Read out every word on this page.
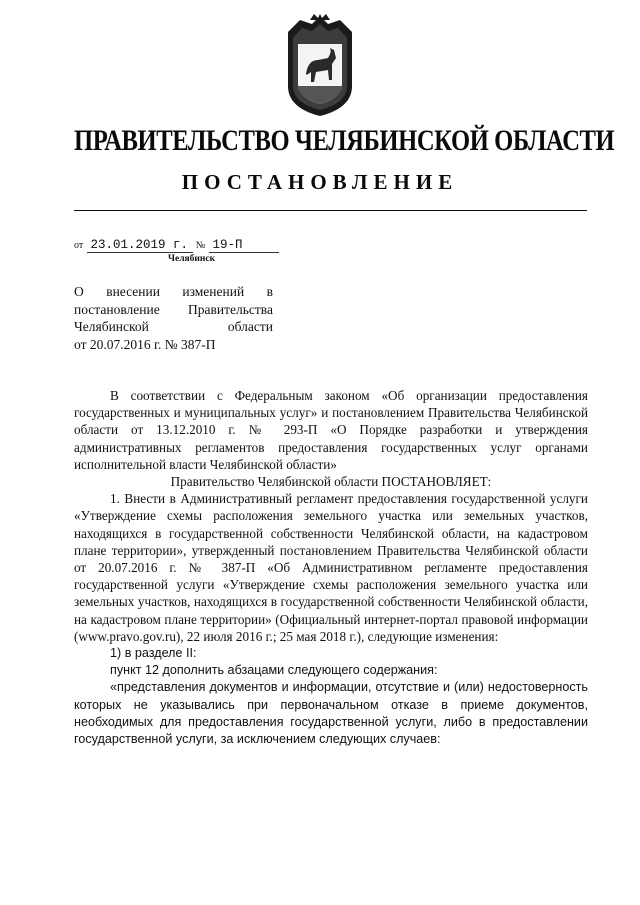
ПРАВИТЕЛЬСТВО ЧЕЛЯБИНСКОЙ ОБЛАСТИ
ПОСТАНОВЛЕНИЕ
от 23.01.2019 г. № 19-П
Челябинск
О внесении изменений в
постановление Правительства
Челябинской области
от 20.07.2016 г. № 387-П

В соответствии с Федеральным законом «Об организации предоставления государственных и муниципальных услуг» и постановлением Правительства Челябинской области от 13.12.2010 г. № 293-П «О Порядке разработки и утверждения административных регламентов предоставления государственных услуг органами исполнительной власти Челябинской области»

Правительство Челябинской области ПОСТАНОВЛЯЕТ:

1. Внести в Административный регламент предоставления государственной услуги «Утверждение схемы расположения земельного участка или земельных участков, находящихся в государственной собственности Челябинской области, на кадастровом плане территории», утвержденный постановлением Правительства Челябинской области от 20.07.2016 г. № 387-П «Об Административном регламенте предоставления государственной услуги «Утверждение схемы расположения земельного участка или земельных участков, находящихся в государственной собственности Челябинской области, на кадастровом плане территории» (Официальный интернет-портал правовой информации (www.pravo.gov.ru), 22 июля 2016 г.; 25 мая 2018 г.), следующие изменения:

1) в разделе II:

пункт 12 дополнить абзацами следующего содержания:

«представления документов и информации, отсутствие и (или) недостоверность которых не указывались при первоначальном отказе в приеме документов, необходимых для предоставления государственной услуги, либо в предоставлении государственной услуги, за исключением следующих случаев:
